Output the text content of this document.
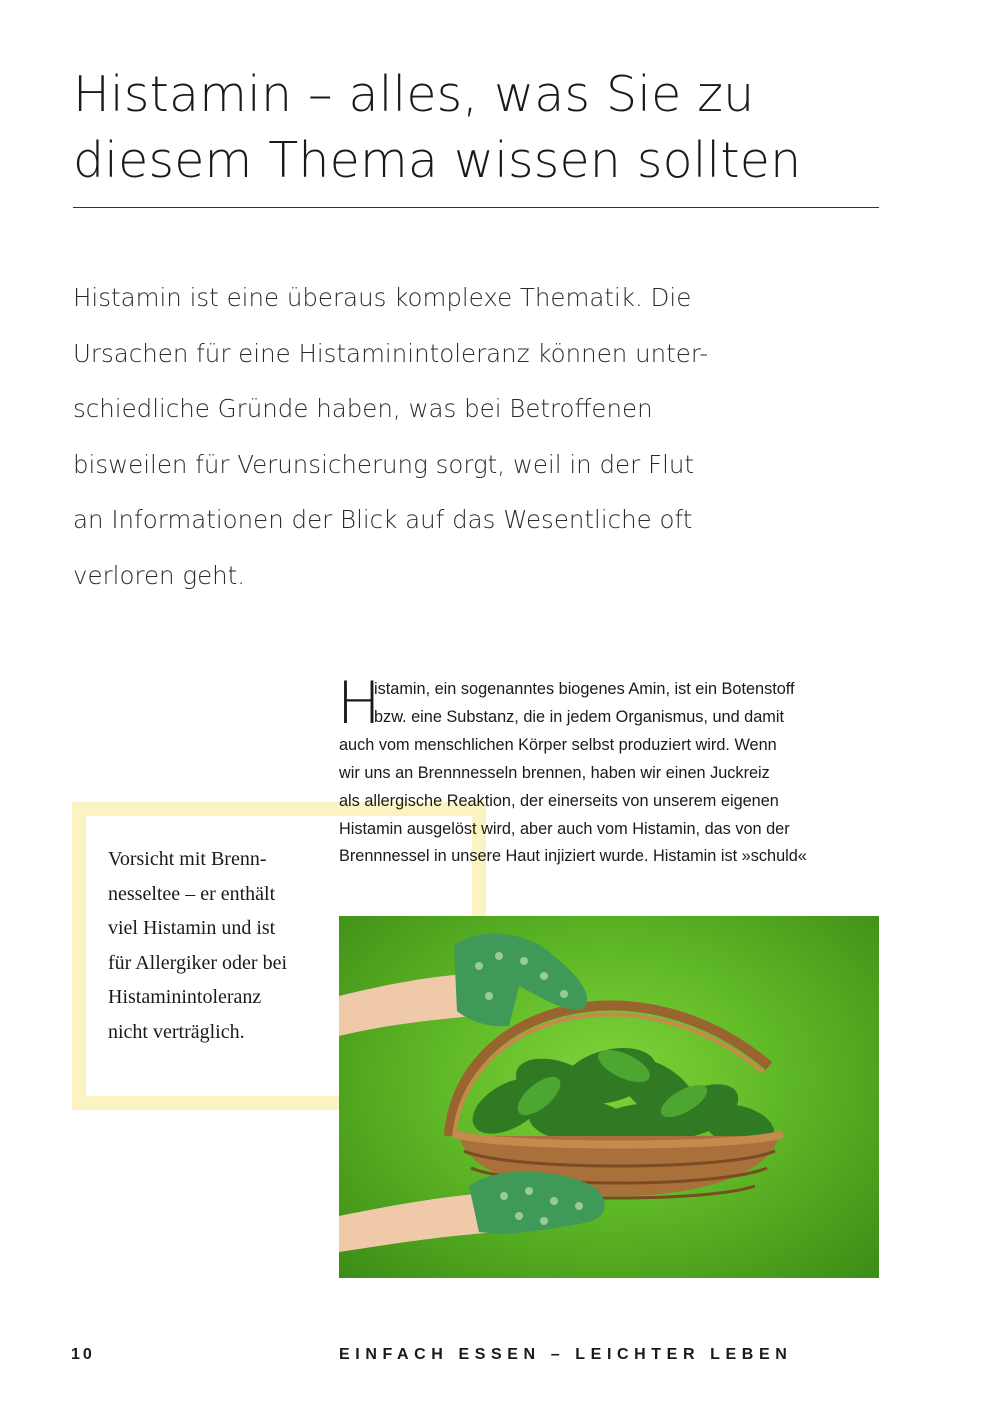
Histamin – alles, was Sie zu
diesem Thema wissen sollten

Histamin ist eine überaus komplexe Thematik. Die
Ursachen für eine Histaminintoleranz können unter-
schiedliche Gründe haben, was bei Betroffenen
bisweilen für Verunsicherung sorgt, weil in der Flut
an Informationen der Blick auf das Wesentliche oft
verloren geht.

Vorsicht mit Brenn-
nesseltee – er enthält
viel Histamin und ist
für Allergiker oder bei
Histaminintoleranz
nicht verträglich.

H
istamin, ein sogenanntes biogenes Amin, ist ein Botenstoff
bzw. eine Substanz, die in jedem Organismus, und damit
auch vom menschlichen Körper selbst produziert wird. Wenn
wir uns an Brennnesseln brennen, haben wir einen Juckreiz
als allergische Reaktion, der einerseits von unserem eigenen
Histamin ausgelöst wird, aber auch vom Histamin, das von der
Brennnessel in unsere Haut injiziert wurde. Histamin ist »schuld«
10	EINFACH ESSEN – LEICHTER LEBEN
